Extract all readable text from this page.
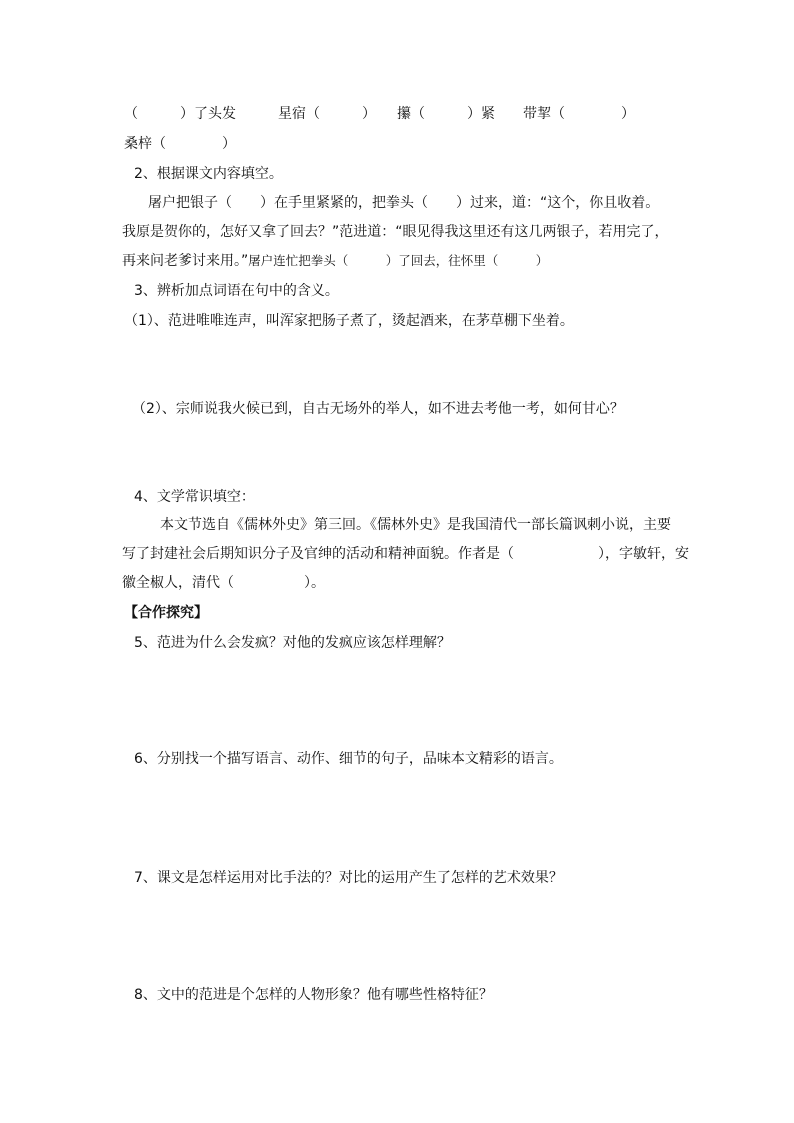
（　　　）了头发　　　星宿（　　　）　　攥（　　　）紧　　带挈（　　　　）
桑梓（　　　　）
2、根据课文内容填空。
屠户把银子（　　）在手里紧紧的，把拳头（　　）过来，道：“这个，你且收着。
我原是贺你的，怎好又拿了回去？”范进道：“眼见得我这里还有这几两银子，若用完了，
再来问老爹讨来用。”屠户连忙把拳头（　　　）了回去，往怀里（　　　）
3、辨析加点词语在句中的含义。
（1）、范进唯唯连声，叫浑家把肠子煮了，烫起酒来，在茅草棚下坐着。
（2）、宗师说我火候已到，自古无场外的举人，如不进去考他一考，如何甘心？
4、文学常识填空：
本文节选自《儒林外史》第三回。《儒林外史》是我国清代一部长篇讽刺小说，主要
写了封建社会后期知识分子及官绅的活动和精神面貌。作者是（　　　　　　），字敏轩，安
徽全椒人，清代（　　　　　）。
【合作探究】
5、范进为什么会发疯？对他的发疯应该怎样理解？
6、分别找一个描写语言、动作、细节的句子，品味本文精彩的语言。
7、课文是怎样运用对比手法的？对比的运用产生了怎样的艺术效果？
8、文中的范进是个怎样的人物形象？他有哪些性格特征？
